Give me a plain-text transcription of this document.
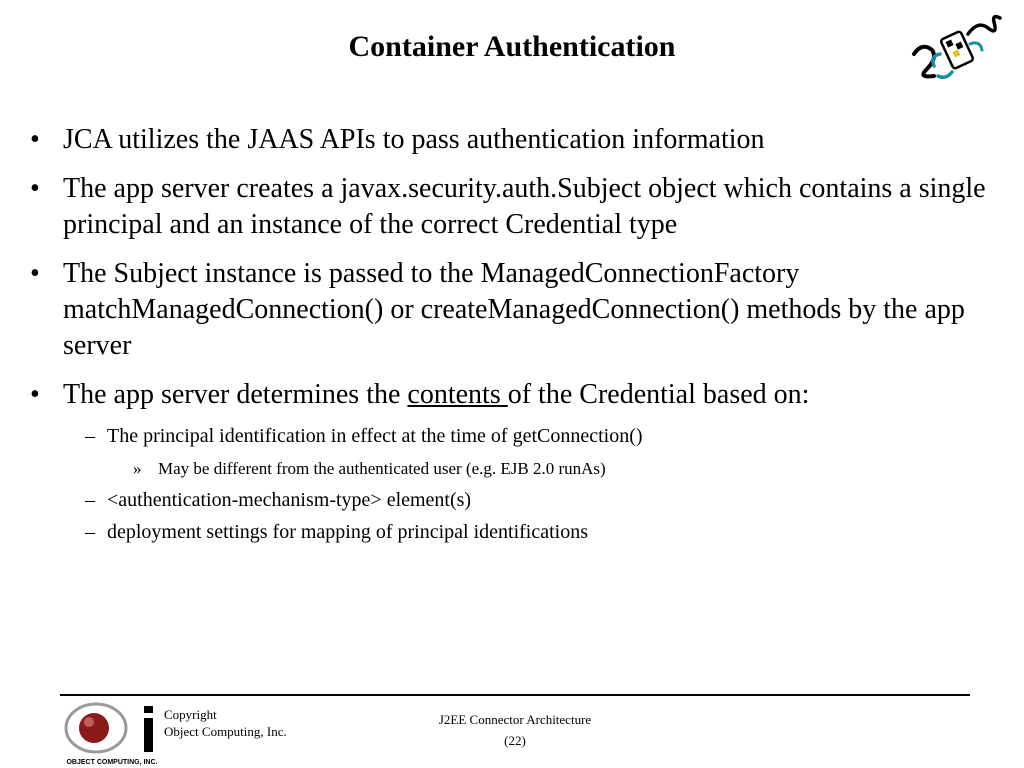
Container Authentication
• JCA utilizes the JAAS APIs to pass authentication information
• The app server creates a javax.security.auth.Subject object which contains a single principal and an instance of the correct Credential type
• The Subject instance is passed to the ManagedConnectionFactory matchManagedConnection() or createManagedConnection() methods by the app server
• The app server determines the contents of the Credential based on:
– The principal identification in effect at the time of getConnection()
» May be different from the authenticated user (e.g. EJB 2.0 runAs)
– <authentication-mechanism-type> element(s)
– deployment settings for mapping of principal identifications
OBJECT COMPUTING, INC.
Copyright
Object Computing, Inc.
J2EE Connector Architecture
(22)
